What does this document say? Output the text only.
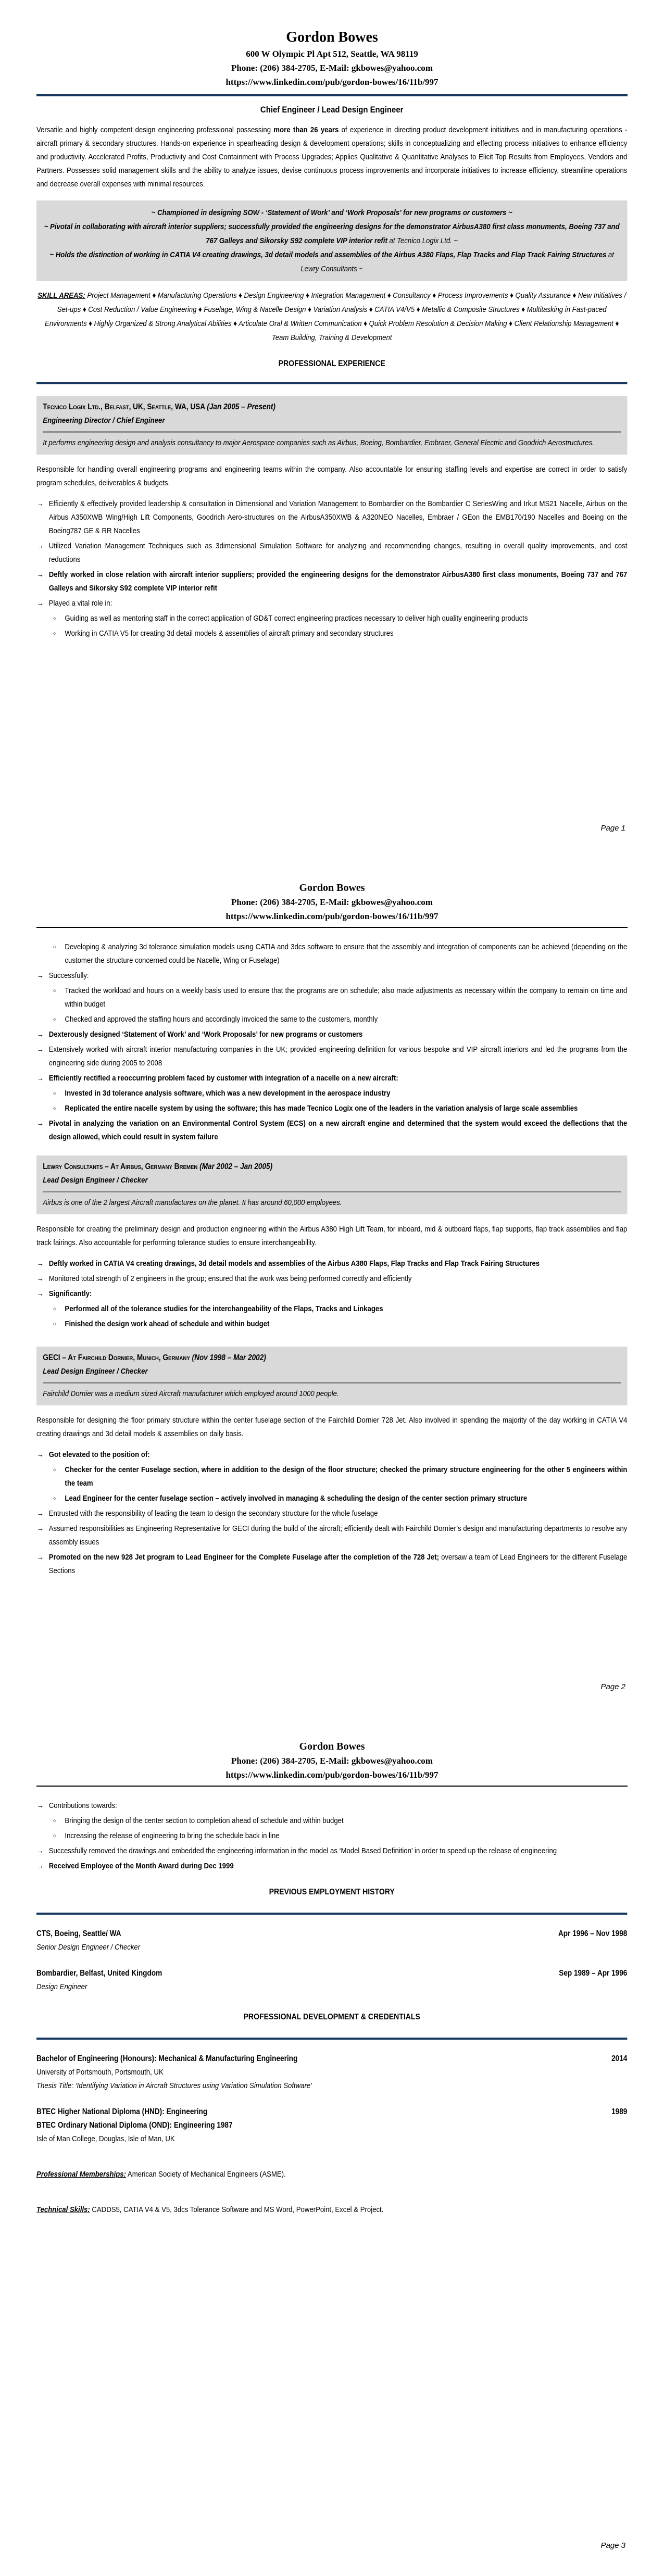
Gordon Bowes
600 W Olympic Pl Apt 512, Seattle, WA 98119
Phone: (206) 384-2705, E-Mail: gkbowes@yahoo.com
https://www.linkedin.com/pub/gordon-bowes/16/11b/997
Chief Engineer / Lead Design Engineer
Versatile and highly competent design engineering professional possessing more than 26 years of experience in directing product development initiatives and in manufacturing operations - aircraft primary & secondary structures. Hands-on experience in spearheading design & development operations; skills in conceptualizing and effecting process initiatives to enhance efficiency and productivity. Accelerated Profits, Productivity and Cost Containment with Process Upgrades; Applies Qualitative & Quantitative Analyses to Elicit Top Results from Employees, Vendors and Partners. Possesses solid management skills and the ability to analyze issues, devise continuous process improvements and incorporate initiatives to increase efficiency, streamline operations and decrease overall expenses with minimal resources.
~ Championed in designing SOW - ‘Statement of Work’ and ‘Work Proposals’ for new programs or customers ~
~ Pivotal in collaborating with aircraft interior suppliers; successfully provided the engineering designs for the demonstrator AirbusA380 first class monuments, Boeing 737 and 767 Galleys and Sikorsky S92 complete VIP interior refit at Tecnico Logix Ltd. ~
~ Holds the distinction of working in CATIA V4 creating drawings, 3d detail models and assemblies of the Airbus A380 Flaps, Flap Tracks and Flap Track Fairing Structures at Lewry Consultants ~
SKILL AREAS: Project Management ♦ Manufacturing Operations ♦ Design Engineering ♦ Integration Management ♦ Consultancy ♦ Process Improvements ♦ Quality Assurance ♦ New Initiatives / Set-ups ♦ Cost Reduction / Value Engineering ♦ Fuselage, Wing & Nacelle Design ♦ Variation Analysis ♦ CATIA V4/V5 ♦ Metallic & Composite Structures ♦ Multitasking in Fast-paced Environments ♦ Highly Organized & Strong Analytical Abilities ♦ Articulate Oral & Written Communication ♦ Quick Problem Resolution & Decision Making ♦ Client Relationship Management ♦ Team Building, Training & Development
PROFESSIONAL EXPERIENCE
Tecnico Logix Ltd., Belfast, UK, Seattle, WA, USA (Jan 2005 – Present)
Engineering Director / Chief Engineer
It performs engineering design and analysis consultancy to major Aerospace companies such as Airbus, Boeing, Bombardier, Embraer, General Electric and Goodrich Aerostructures.
Responsible for handling overall engineering programs and engineering teams within the company. Also accountable for ensuring staffing levels and expertise are correct in order to satisfy program schedules, deliverables & budgets.
→ Efficiently & effectively provided leadership & consultation in Dimensional and Variation Management to Bombardier on the Bombardier C SeriesWing and Irkut MS21 Nacelle, Airbus on the Airbus A350XWB Wing/High Lift Components, Goodrich Aero-structures on the AirbusA350XWB & A320NEO Nacelles, Embraer / GEon the EMB170/190 Nacelles and Boeing on the Boeing787 GE & RR Nacelles
→ Utilized Variation Management Techniques such as 3dimensional Simulation Software for analyzing and recommending changes, resulting in overall quality improvements, and cost reductions
→ Deftly worked in close relation with aircraft interior suppliers; provided the engineering designs for the demonstrator AirbusA380 first class monuments, Boeing 737 and 767 Galleys and Sikorsky S92 complete VIP interior refit
→ Played a vital role in:
○ Guiding as well as mentoring staff in the correct application of GD&T correct engineering practices necessary to deliver high quality engineering products
○ Working in CATIA V5 for creating 3d detail models & assemblies of aircraft primary and secondary structures
Page 1
Gordon Bowes
Phone: (206) 384-2705, E-Mail: gkbowes@yahoo.com
https://www.linkedin.com/pub/gordon-bowes/16/11b/997
○ Developing & analyzing 3d tolerance simulation models using CATIA and 3dcs software to ensure that the assembly and integration of components can be achieved (depending on the customer the structure concerned could be Nacelle, Wing or Fuselage)
→ Successfully:
○ Tracked the workload and hours on a weekly basis used to ensure that the programs are on schedule; also made adjustments as necessary within the company to remain on time and within budget
○ Checked and approved the staffing hours and accordingly invoiced the same to the customers, monthly
→ Dexterously designed ‘Statement of Work’ and ‘Work Proposals’ for new programs or customers
→ Extensively worked with aircraft interior manufacturing companies in the UK; provided engineering definition for various bespoke and VIP aircraft interiors and led the programs from the engineering side during 2005 to 2008
→ Efficiently rectified a reoccurring problem faced by customer with integration of a nacelle on a new aircraft:
○ Invested in 3d tolerance analysis software, which was a new development in the aerospace industry
○ Replicated the entire nacelle system by using the software; this has made Tecnico Logix one of the leaders in the variation analysis of large scale assemblies
→ Pivotal in analyzing the variation on an Environmental Control System (ECS) on a new aircraft engine and determined that the system would exceed the deflections that the design allowed, which could result in system failure
Lewry Consultants – At Airbus, Germany Bremen (Mar 2002 – Jan 2005)
Lead Design Engineer / Checker
Airbus is one of the 2 largest Aircraft manufactures on the planet. It has around 60,000 employees.
Responsible for creating the preliminary design and production engineering within the Airbus A380 High Lift Team, for inboard, mid & outboard flaps, flap supports, flap track assemblies and flap track fairings. Also accountable for performing tolerance studies to ensure interchangeability.
→ Deftly worked in CATIA V4 creating drawings, 3d detail models and assemblies of the Airbus A380 Flaps, Flap Tracks and Flap Track Fairing Structures
→ Monitored total strength of 2 engineers in the group; ensured that the work was being performed correctly and efficiently
→ Significantly:
○ Performed all of the tolerance studies for the interchangeability of the Flaps, Tracks and Linkages
○ Finished the design work ahead of schedule and within budget
GECI – At Fairchild Dornier, Munich, Germany (Nov 1998 – Mar 2002)
Lead Design Engineer / Checker
Fairchild Dornier was a medium sized Aircraft manufacturer which employed around 1000 people.
Responsible for designing the floor primary structure within the center fuselage section of the Fairchild Dornier 728 Jet. Also involved in spending the majority of the day working in CATIA V4 creating drawings and 3d detail models & assemblies on daily basis.
→ Got elevated to the position of:
○ Checker for the center Fuselage section, where in addition to the design of the floor structure; checked the primary structure engineering for the other 5 engineers within the team
○ Lead Engineer for the center fuselage section – actively involved in managing & scheduling the design of the center section primary structure
→ Entrusted with the responsibility of leading the team to design the secondary structure for the whole fuselage
→ Assumed responsibilities as Engineering Representative for GECI during the build of the aircraft; efficiently dealt with Fairchild Dornier’s design and manufacturing departments to resolve any assembly issues
→ Promoted on the new 928 Jet program to Lead Engineer for the Complete Fuselage after the completion of the 728 Jet; oversaw a team of Lead Engineers for the different Fuselage Sections
Page 2
Gordon Bowes
Phone: (206) 384-2705, E-Mail: gkbowes@yahoo.com
https://www.linkedin.com/pub/gordon-bowes/16/11b/997
→ Contributions towards:
○ Bringing the design of the center section to completion ahead of schedule and within budget
○ Increasing the release of engineering to bring the schedule back in line
→ Successfully removed the drawings and embedded the engineering information in the model as ‘Model Based Definition’ in order to speed up the release of engineering
→ Received Employee of the Month Award during Dec 1999
PREVIOUS EMPLOYMENT HISTORY
CTS, Boeing, Seattle/ WA	Apr 1996 – Nov 1998
Senior Design Engineer / Checker
Bombardier, Belfast, United Kingdom	Sep 1989 – Apr 1996
Design Engineer
PROFESSIONAL DEVELOPMENT & CREDENTIALS
Bachelor of Engineering (Honours): Mechanical & Manufacturing Engineering	2014
University of Portsmouth, Portsmouth, UK
Thesis Title: ‘Identifying Variation in Aircraft Structures using Variation Simulation Software’
BTEC Higher National Diploma (HND): Engineering	1989
BTEC Ordinary National Diploma (OND): Engineering 1987
Isle of Man College, Douglas, Isle of Man, UK
Professional Memberships: American Society of Mechanical Engineers (ASME).
Technical Skills: CADDS5, CATIA V4 & V5, 3dcs Tolerance Software and MS Word, PowerPoint, Excel & Project.
Page 3
